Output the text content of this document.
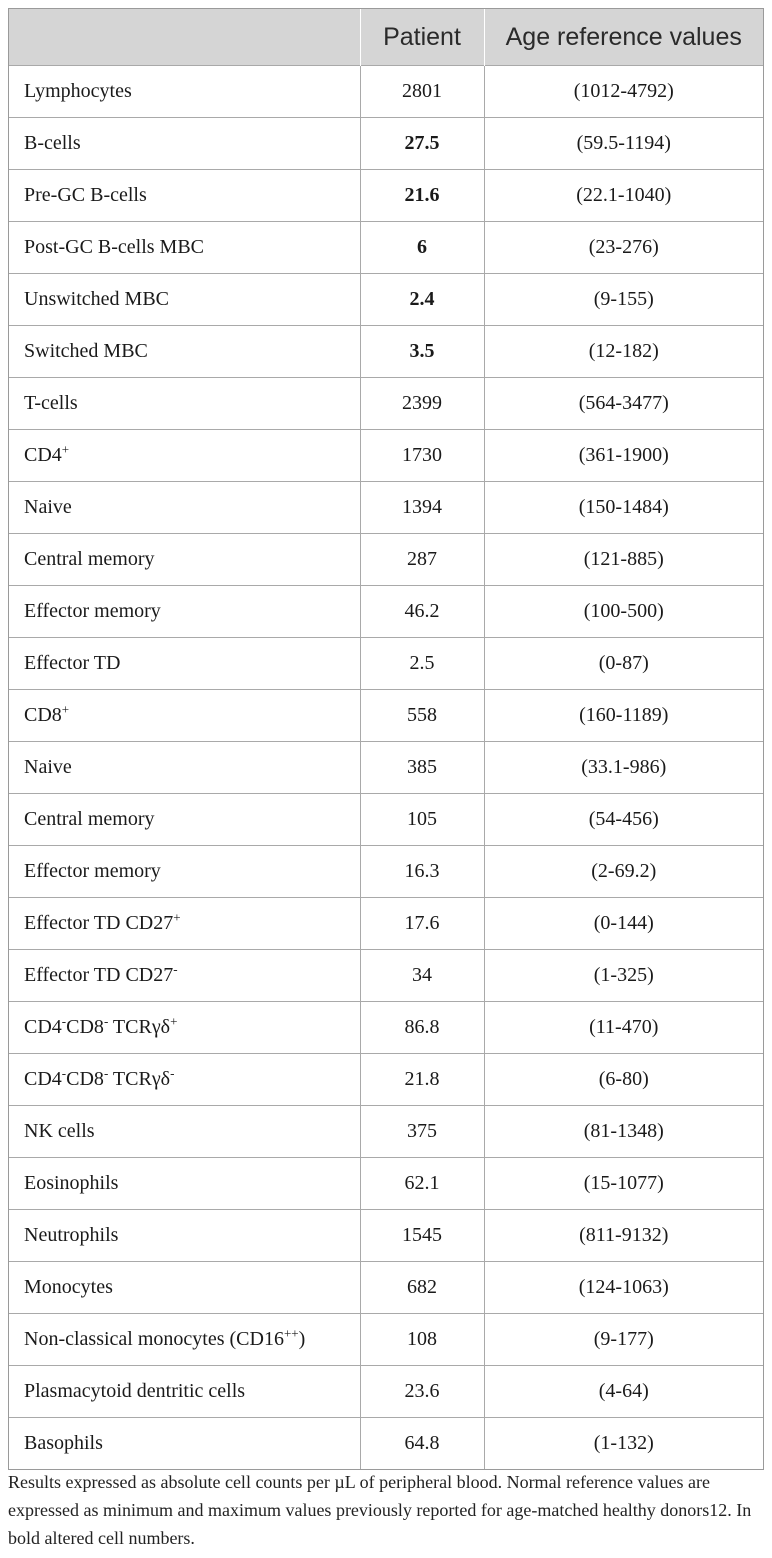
	Patient	Age reference values
Lymphocytes	2801	(1012-4792)
B-cells	27.5	(59.5-1194)
Pre-GC B-cells	21.6	(22.1-1040)
Post-GC B-cells MBC	6	(23-276)
Unswitched MBC	2.4	(9-155)
Switched MBC	3.5	(12-182)
T-cells	2399	(564-3477)
CD4+	1730	(361-1900)
Naive	1394	(150-1484)
Central memory	287	(121-885)
Effector memory	46.2	(100-500)
Effector TD	2.5	(0-87)
CD8+	558	(160-1189)
Naive	385	(33.1-986)
Central memory	105	(54-456)
Effector memory	16.3	(2-69.2)
Effector TD CD27+	17.6	(0-144)
Effector TD CD27-	34	(1-325)
CD4-CD8- TCRγδ+	86.8	(11-470)
CD4-CD8- TCRγδ-	21.8	(6-80)
NK cells	375	(81-1348)
Eosinophils	62.1	(15-1077)
Neutrophils	1545	(811-9132)
Monocytes	682	(124-1063)
Non-classical monocytes (CD16++)	108	(9-177)
Plasmacytoid dentritic cells	23.6	(4-64)
Basophils	64.8	(1-132)

Results expressed as absolute cell counts per µL of peripheral blood. Normal reference values are expressed as minimum and maximum values previously reported for age-matched healthy donors12. In bold altered cell numbers.
